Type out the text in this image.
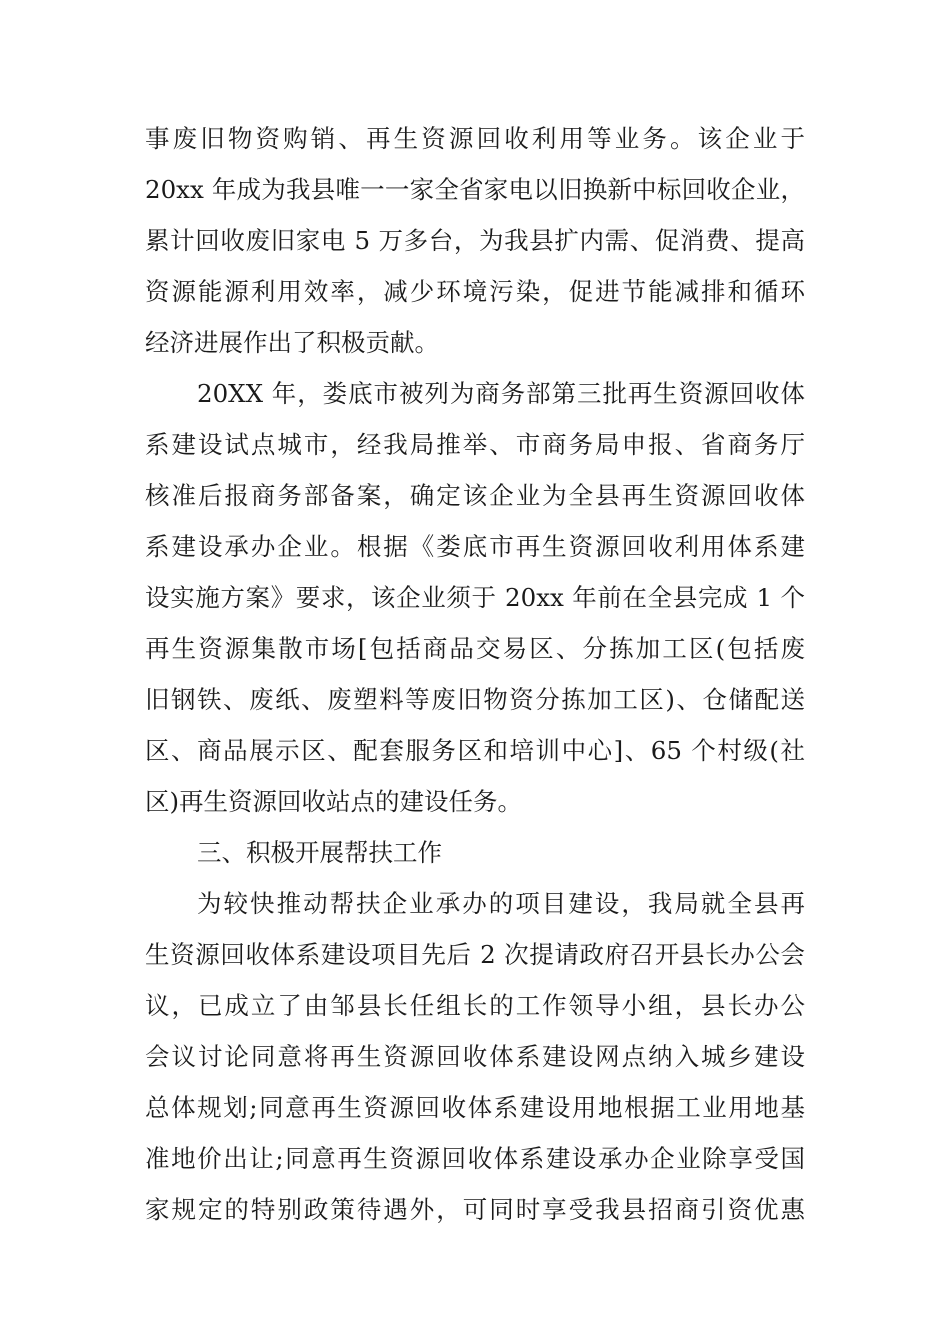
事废旧物资购销、再生资源回收利用等业务。该企业于
20xx 年成为我县唯一一家全省家电以旧换新中标回收企业，
累计回收废旧家电 5 万多台，为我县扩内需、促消费、提高
资源能源利用效率，减少环境污染，促进节能减排和循环
经济进展作出了积极贡献。
20XX 年，娄底市被列为商务部第三批再生资源回收体
系建设试点城市，经我局推举、市商务局申报、省商务厅
核准后报商务部备案，确定该企业为全县再生资源回收体
系建设承办企业。根据《娄底市再生资源回收利用体系建
设实施方案》要求，该企业须于 20xx 年前在全县完成 1 个
再生资源集散市场[包括商品交易区、分拣加工区(包括废
旧钢铁、废纸、废塑料等废旧物资分拣加工区)、仓储配送
区、商品展示区、配套服务区和培训中心]、65 个村级(社
区)再生资源回收站点的建设任务。
三、积极开展帮扶工作
为较快推动帮扶企业承办的项目建设，我局就全县再
生资源回收体系建设项目先后 2 次提请政府召开县长办公会
议，已成立了由邹县长任组长的工作领导小组，县长办公
会议讨论同意将再生资源回收体系建设网点纳入城乡建设
总体规划;同意再生资源回收体系建设用地根据工业用地基
准地价出让;同意再生资源回收体系建设承办企业除享受国
家规定的特别政策待遇外，可同时享受我县招商引资优惠
